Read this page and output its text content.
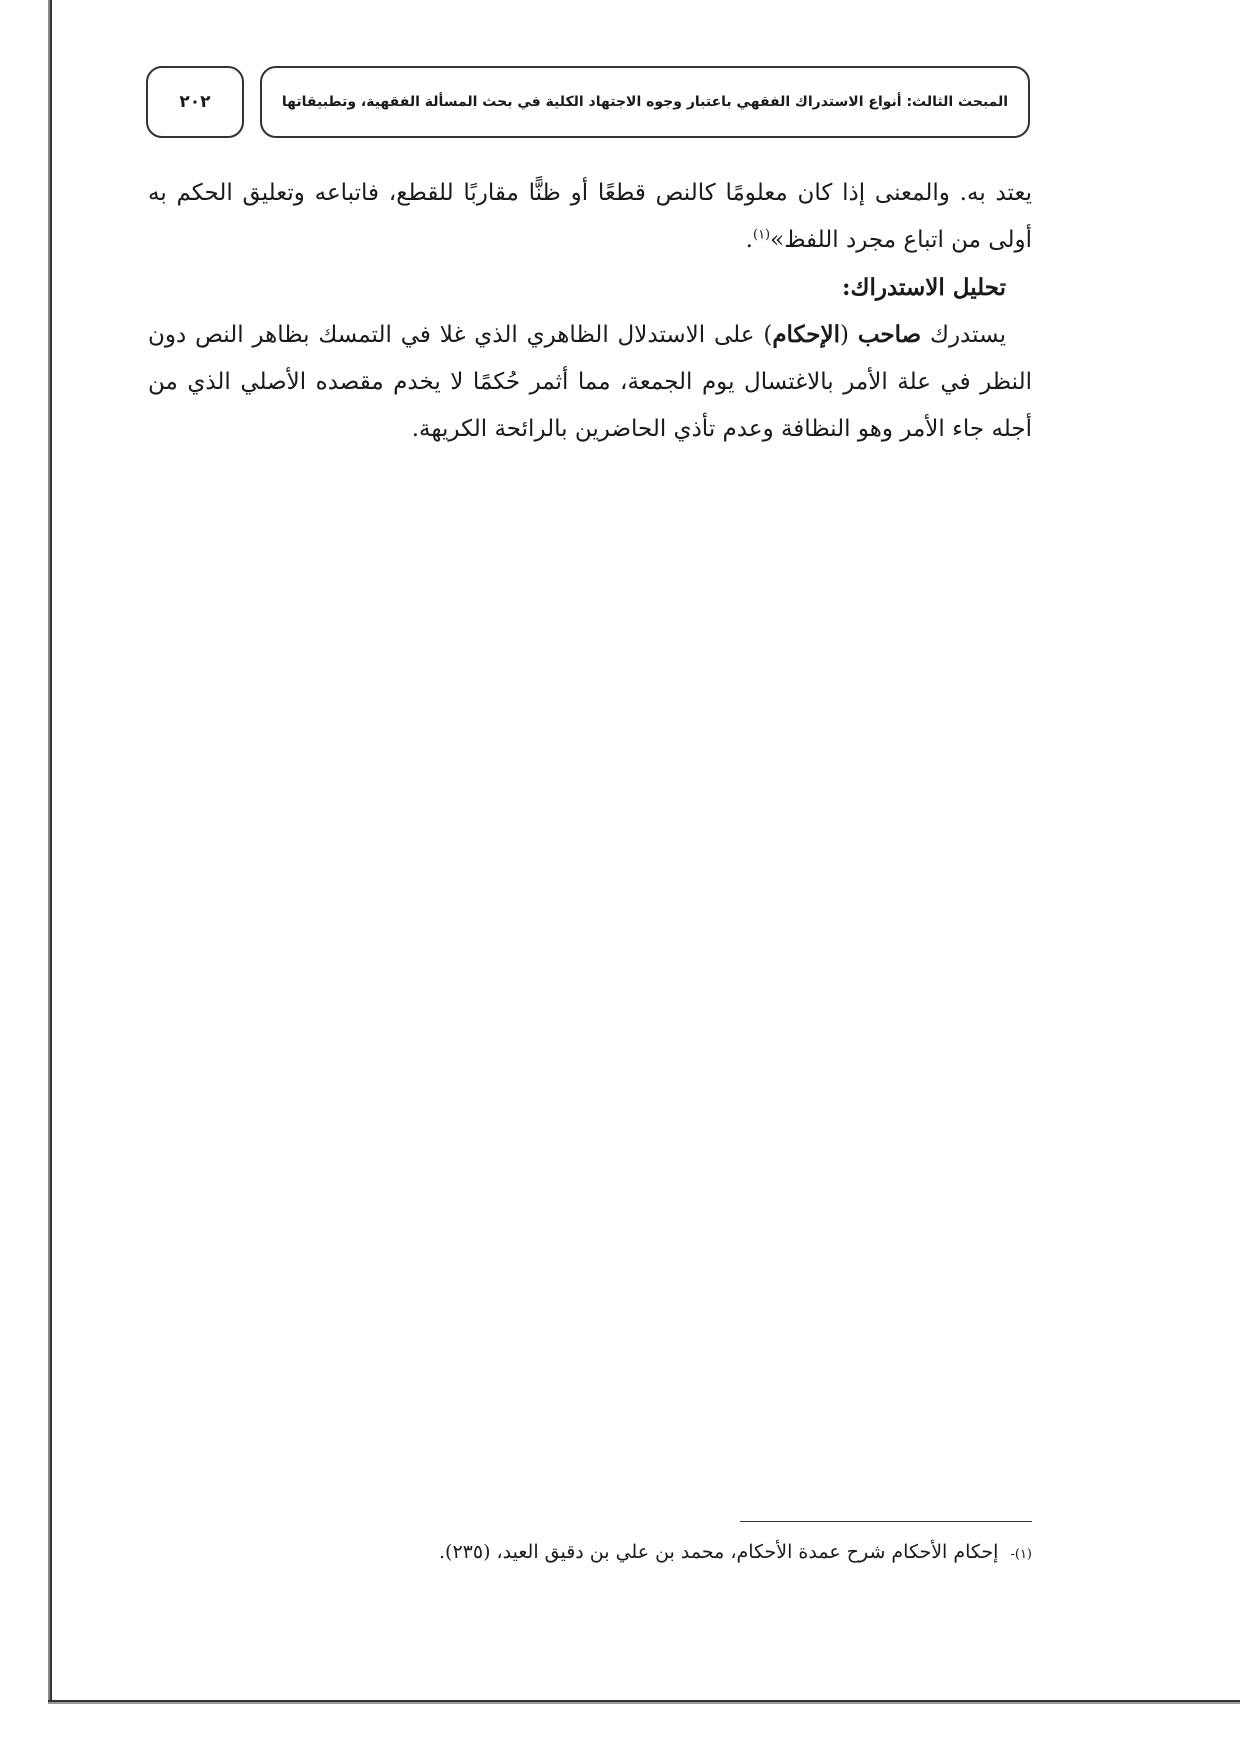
المبحث الثالث: أنواع الاستدراك الفقهي باعتبار وجوه الاجتهاد الكلية في بحث المسألة الفقهية، وتطبيقاتها
٢٠٢

يعتد به. والمعنى إذا كان معلومًا كالنص قطعًا أو ظنًّا مقاربًا للقطع، فاتباعه وتعليق الحكم به أولى من اتباع مجرد اللفظ»$^{(١)}$.

تحليل الاستدراك:

يستدرك صاحب (الإحكام) على الاستدلال الظاهري الذي غلا في التمسك بظاهر النص دون النظر في علة الأمر بالاغتسال يوم الجمعة، مما أثمر حُكمًا لا يخدم مقصده الأصلي الذي من أجله جاء الأمر وهو النظافة وعدم تأذي الحاضرين بالرائحة الكريهة.

(١)- إحكام الأحكام شرح عمدة الأحكام، محمد بن علي بن دقيق العيد، (٢٣٥).
